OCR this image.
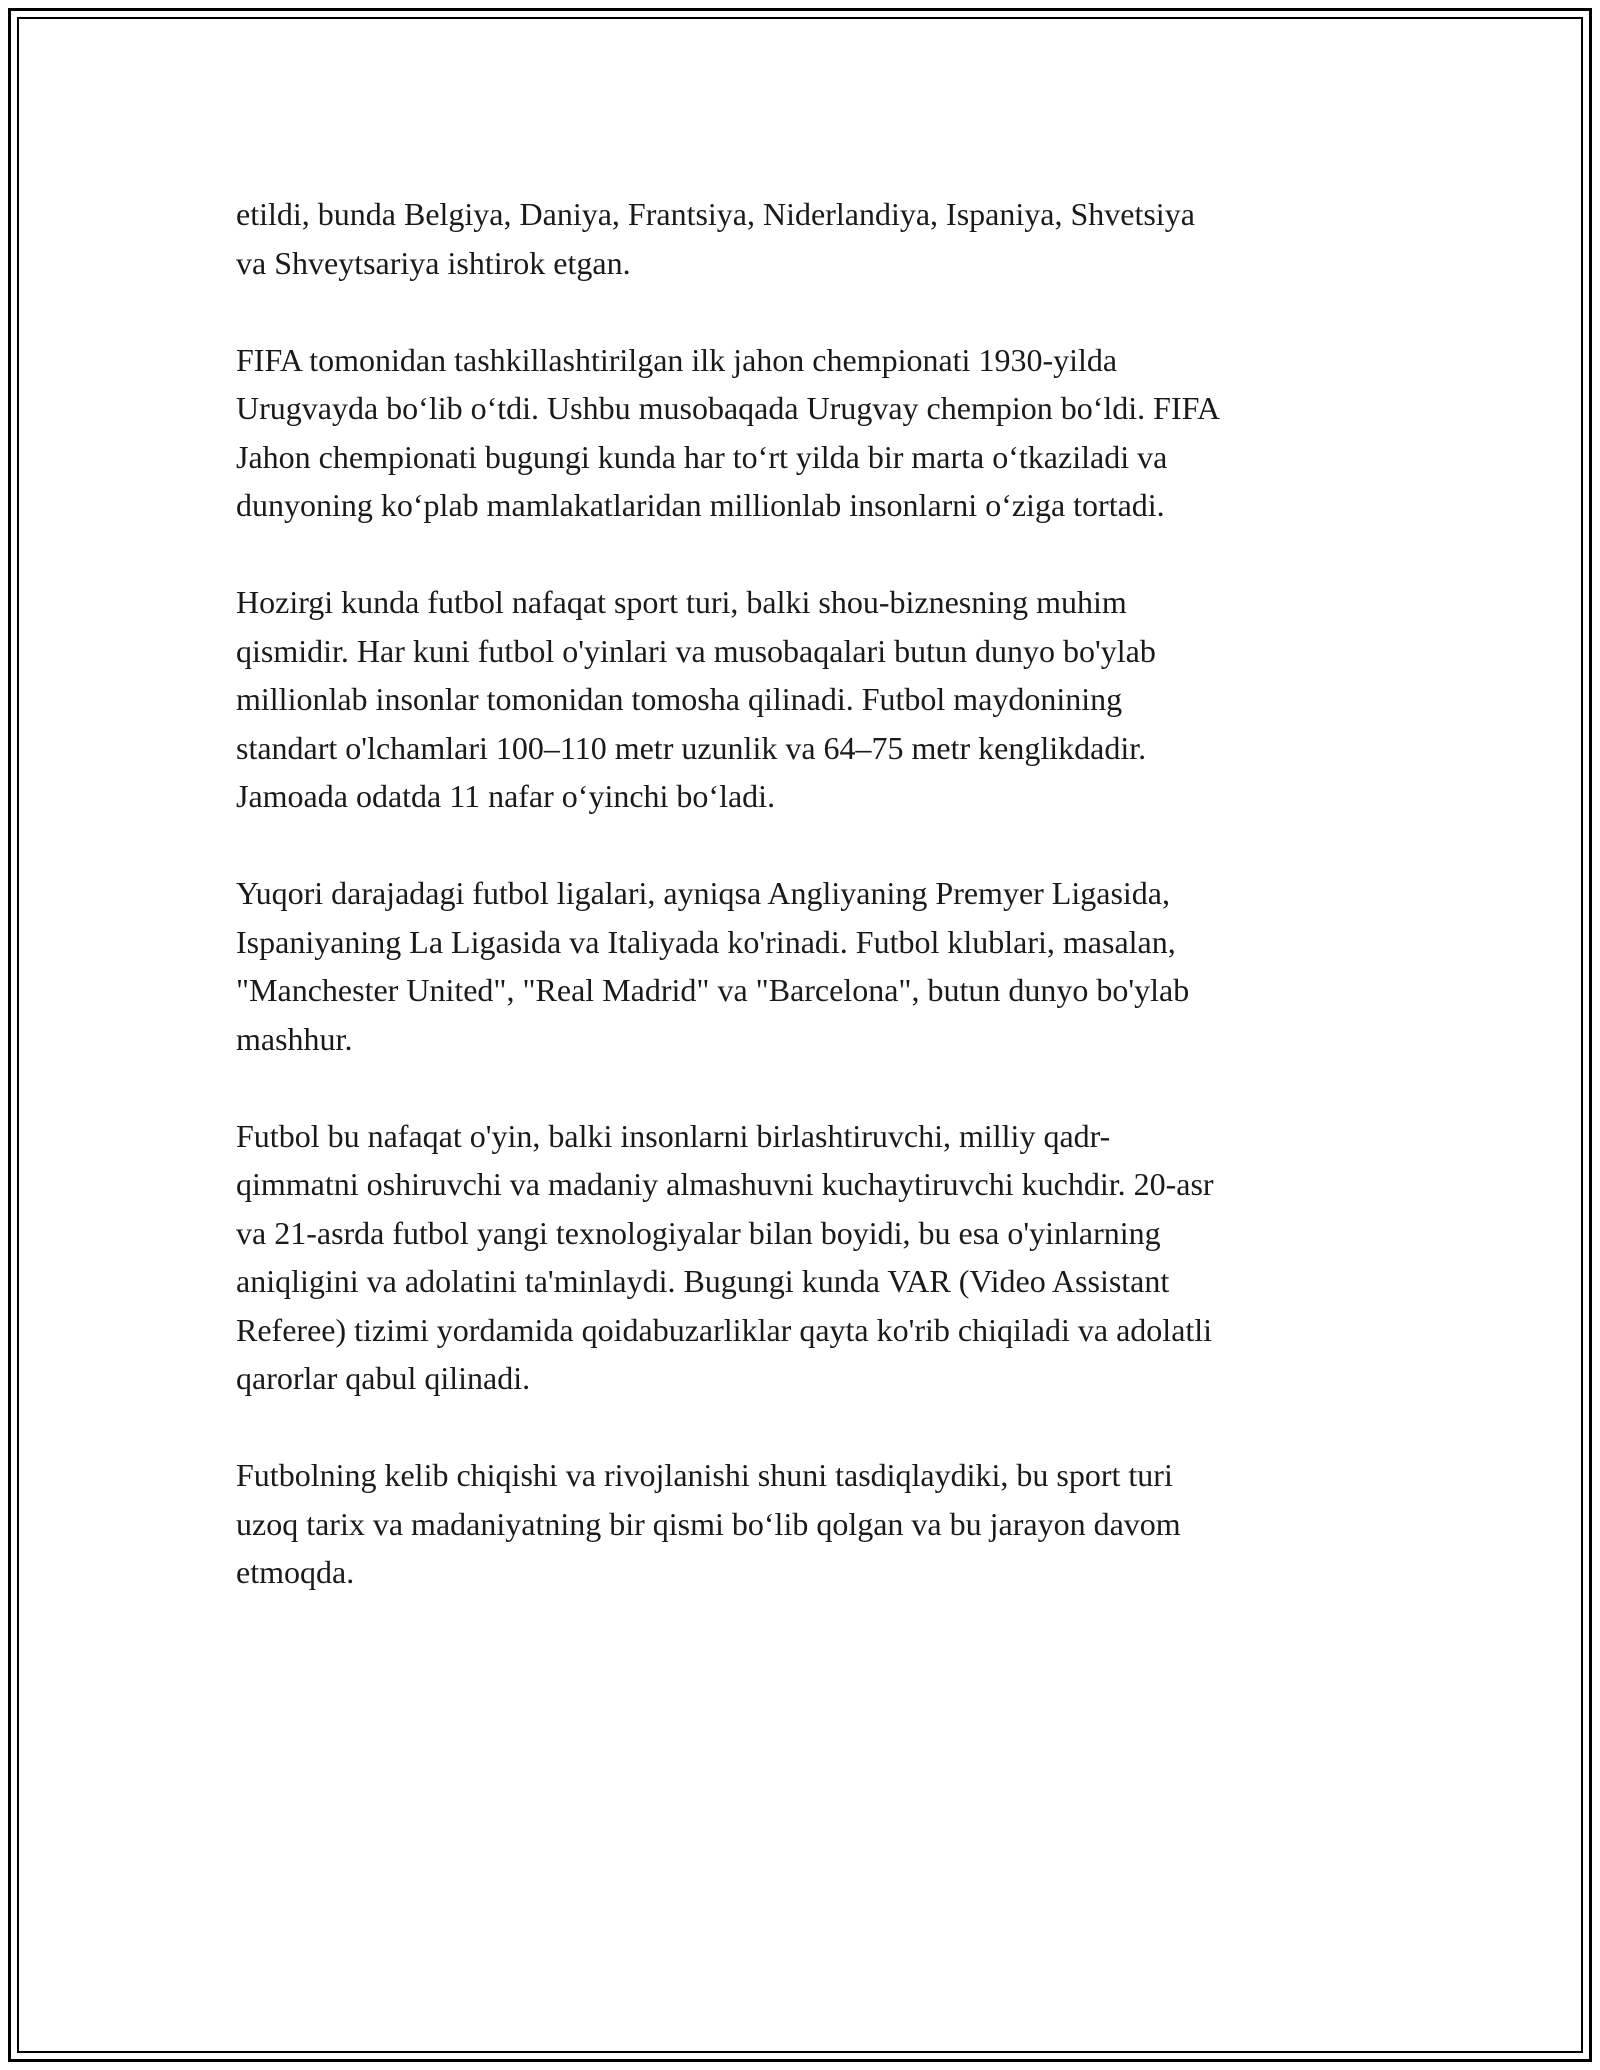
etildi, bunda Belgiya, Daniya, Frantsiya, Niderlandiya, Ispaniya, Shvetsiya
va Shveytsariya ishtirok etgan.

FIFA tomonidan tashkillashtirilgan ilk jahon chempionati 1930-yilda
Urugvayda bo‘lib o‘tdi. Ushbu musobaqada Urugvay chempion bo‘ldi. FIFA
Jahon chempionati bugungi kunda har to‘rt yilda bir marta o‘tkaziladi va
dunyoning ko‘plab mamlakatlaridan millionlab insonlarni o‘ziga tortadi.

Hozirgi kunda futbol nafaqat sport turi, balki shou-biznesning muhim
qismidir. Har kuni futbol o'yinlari va musobaqalari butun dunyo bo'ylab
millionlab insonlar tomonidan tomosha qilinadi. Futbol maydonining
standart o'lchamlari 100–110 metr uzunlik va 64–75 metr kenglikdadir.
Jamoada odatda 11 nafar o‘yinchi bo‘ladi.

Yuqori darajadagi futbol ligalari, ayniqsa Angliyaning Premyer Ligasida,
Ispaniyaning La Ligasida va Italiyada ko'rinadi. Futbol klublari, masalan,
"Manchester United", "Real Madrid" va "Barcelona", butun dunyo bo'ylab
mashhur.

Futbol bu nafaqat o'yin, balki insonlarni birlashtiruvchi, milliy qadr-
qimmatni oshiruvchi va madaniy almashuvni kuchaytiruvchi kuchdir. 20-asr
va 21-asrda futbol yangi texnologiyalar bilan boyidi, bu esa o'yinlarning
aniqligini va adolatini ta'minlaydi. Bugungi kunda VAR (Video Assistant
Referee) tizimi yordamida qoidabuzarliklar qayta ko'rib chiqiladi va adolatli
qarorlar qabul qilinadi.

Futbolning kelib chiqishi va rivojlanishi shuni tasdiqlaydiki, bu sport turi
uzoq tarix va madaniyatning bir qismi bo‘lib qolgan va bu jarayon davom
etmoqda.
